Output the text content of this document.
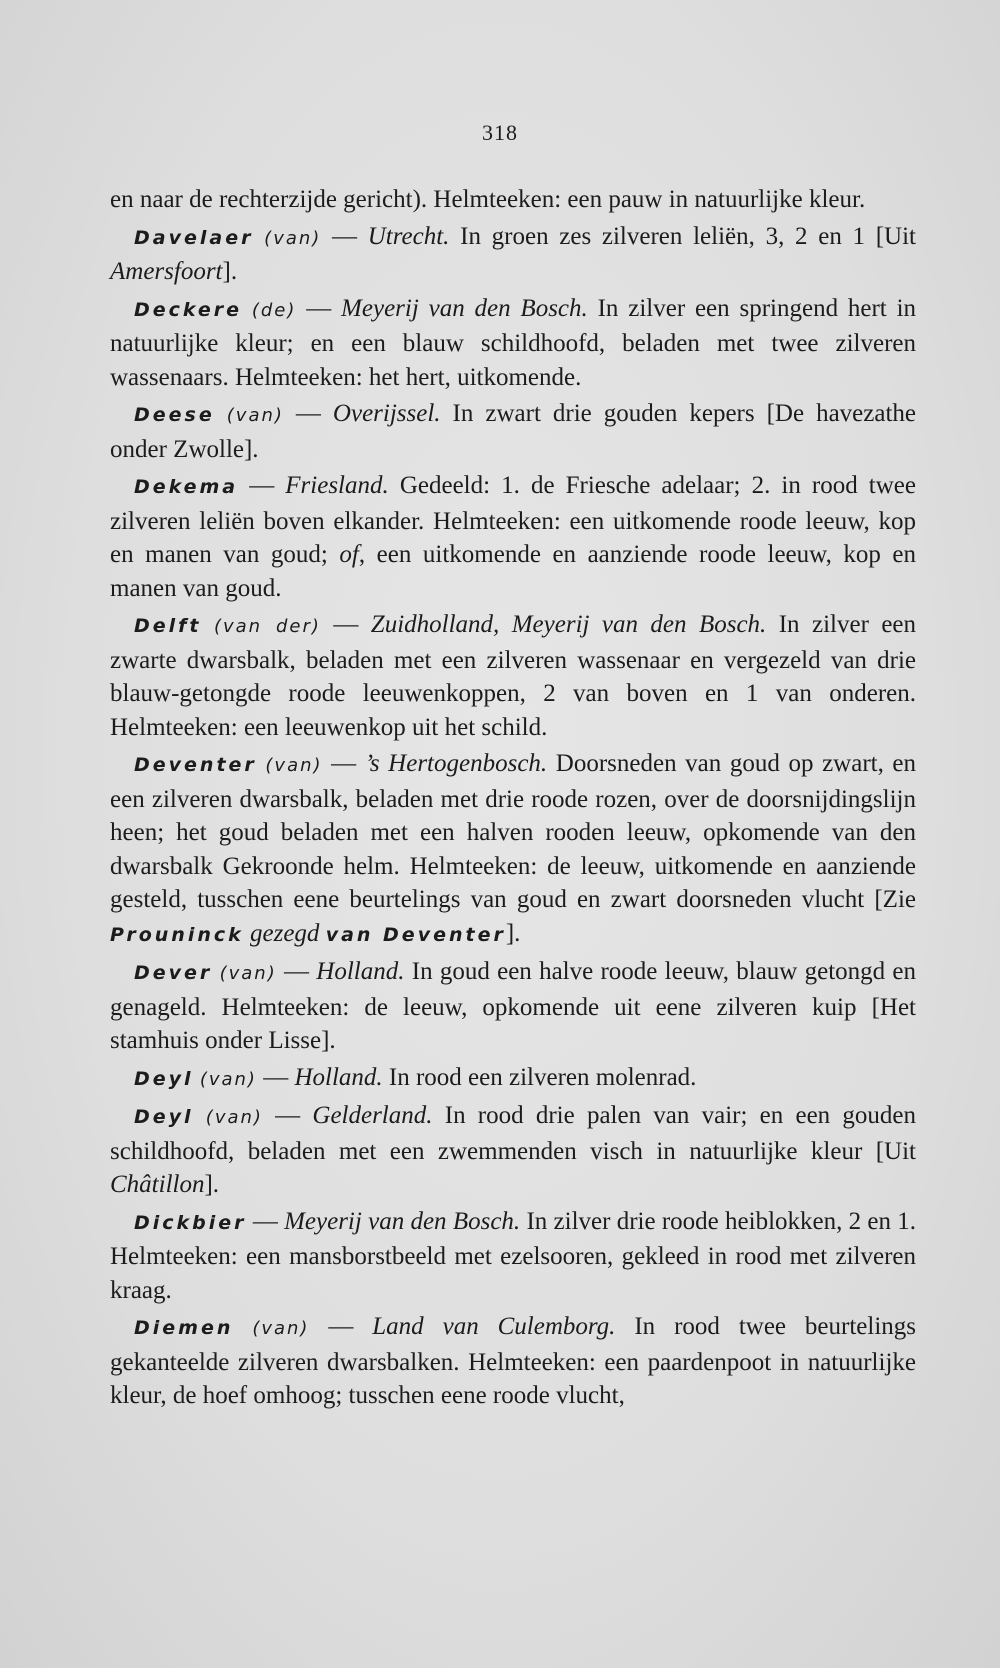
318

en naar de rechterzijde gericht). Helmteeken: een pauw in natuurlijke kleur.

Davelaer (van) — Utrecht. In groen zes zilveren leliën, 3, 2 en 1 [Uit Amersfoort].

Deckere (de) — Meyerij van den Bosch. In zilver een springend hert in natuurlijke kleur; en een blauw schildhoofd, beladen met twee zilveren wassenaars. Helmteeken: het hert, uitkomende.

Deese (van) — Overijssel. In zwart drie gouden kepers [De havezathe onder Zwolle].

Dekema — Friesland. Gedeeld: 1. de Friesche adelaar; 2. in rood twee zilveren leliën boven elkander. Helmteeken: een uitkomende roode leeuw, kop en manen van goud; of, een uitkomende en aanziende roode leeuw, kop en manen van goud.

Delft (van der) — Zuidholland, Meyerij van den Bosch. In zilver een zwarte dwarsbalk, beladen met een zilveren wassenaar en vergezeld van drie blauw-getongde roode leeuwenkoppen, 2 van boven en 1 van onderen. Helmteeken: een leeuwenkop uit het schild.

Deventer (van) — ’s Hertogenbosch. Doorsneden van goud op zwart, en een zilveren dwarsbalk, beladen met drie roode rozen, over de doorsnijdingslijn heen; het goud beladen met een halven rooden leeuw, opkomende van den dwarsbalk Gekroonde helm. Helmteeken: de leeuw, uitkomende en aanziende gesteld, tusschen eene beurtelings van goud en zwart doorsneden vlucht [Zie Prouninck gezegd van Deventer].

Dever (van) — Holland. In goud een halve roode leeuw, blauw getongd en genageld. Helmteeken: de leeuw, opkomende uit eene zilveren kuip [Het stamhuis onder Lisse].

Deyl (van) — Holland. In rood een zilveren molenrad.

Deyl (van) — Gelderland. In rood drie palen van vair; en een gouden schildhoofd, beladen met een zwemmenden visch in natuurlijke kleur [Uit Châtillon].

Dickbier — Meyerij van den Bosch. In zilver drie roode heiblokken, 2 en 1. Helmteeken: een mansborstbeeld met ezelsooren, gekleed in rood met zilveren kraag.

Diemen (van) — Land van Culemborg. In rood twee beurtelings gekanteelde zilveren dwarsbalken. Helmteeken: een paardenpoot in natuurlijke kleur, de hoef omhoog; tusschen eene roode vlucht,
